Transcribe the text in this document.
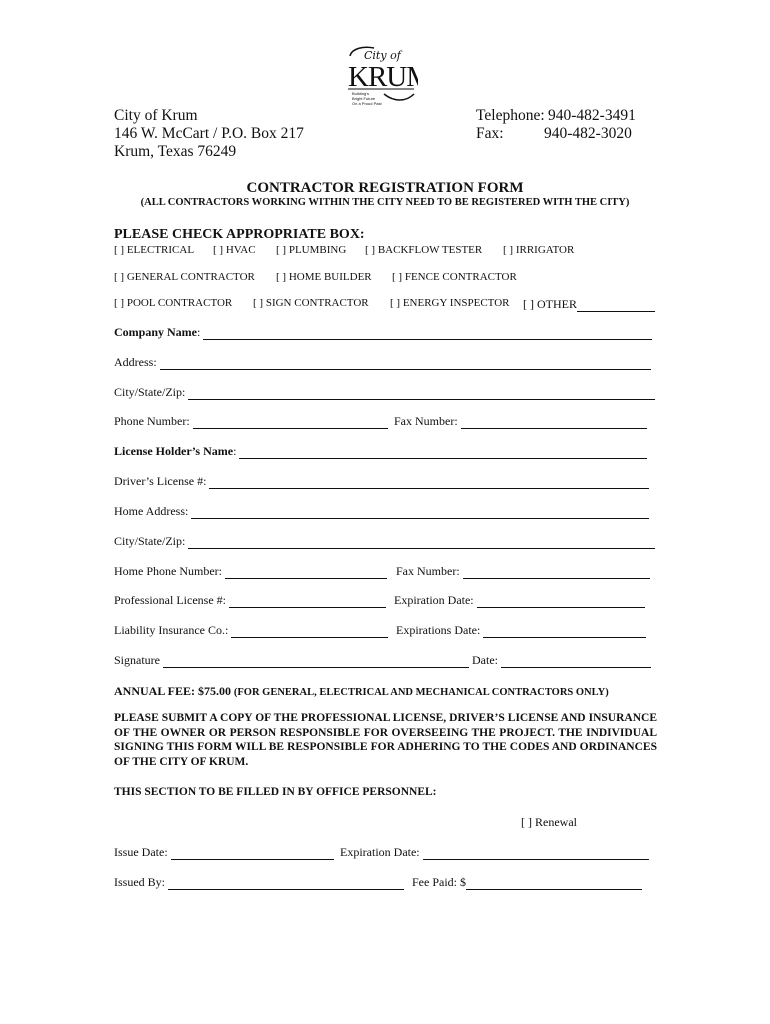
City of
KRU
Building's
Bright Future
On a Proud Past
City of Krum
146 W. McCart / P.O. Box 217
Krum, Texas 76249
Telephone: 940-482-3491
Fax:	940-482-3020
CONTRACTOR REGISTRATION FORM
(ALL CONTRACTORS WORKING WITHIN THE CITY NEED TO BE REGISTERED WITH THE CITY)
PLEASE CHECK APPROPRIATE BOX:
[ ] ELECTRICAL [ ] HVAC [ ] PLUMBING [ ] BACKFLOW TESTER [ ] IRRIGATOR
[ ] GENERAL CONTRACTOR [ ] HOME BUILDER [ ] FENCE CONTRACTOR
[ ] POOL CONTRACTOR [ ] SIGN CONTRACTOR [ ] ENERGY INSPECTOR [ ] OTHER
Company Name :
Address:
City/State/Zip:
Phone Number:	Fax Number:
License Holder’s Name :
Driver’s License #:
Home Address:
City/State/Zip:
Home Phone Number:	Fax Number:
Professional License #:	Expiration Date:
Liability Insurance Co.:	Expirations Date:
Signature	Date:
ANNUAL FEE: $75.00 (FOR GENERAL, ELECTRICAL AND MECHANICAL CONTRACTORS ONLY)
PLEASE SUBMIT A COPY OF THE PROFESSIONAL LICENSE, DRIVER’S LICENSE AND INSURANCE OF THE OWNER OR PERSON RESPONSIBLE FOR OVERSEEING THE PROJECT. THE INDIVIDUAL SIGNING THIS FORM WILL BE RESPONSIBLE FOR ADHERING TO THE CODES AND ORDINANCES OF THE CITY OF KRUM.
THIS SECTION TO BE FILLED IN BY OFFICE PERSONNEL:
[ ] Renewal
Issue Date:	Expiration Date:
Issued By:	Fee Paid: $
